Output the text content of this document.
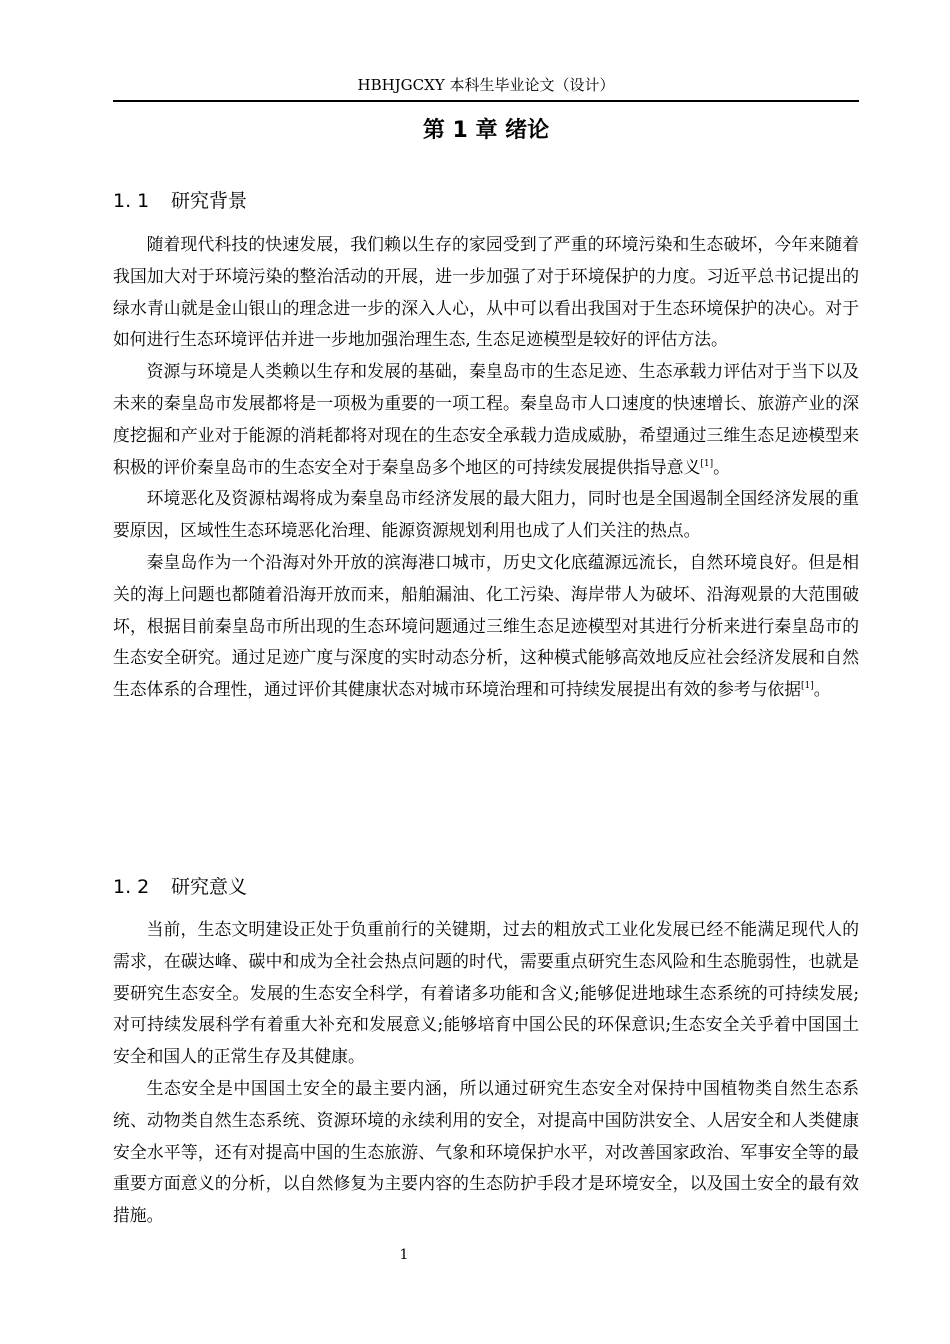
HBHJGCXY 本科生毕业论文（设计）
第 1 章 绪论
1. 1 研究背景

随着现代科技的快速发展，我们赖以生存的家园受到了严重的环境污染和生态破坏，今年来随着我国加大对于环境污染的整治活动的开展，进一步加强了对于环境保护的力度。习近平总书记提出的绿水青山就是金山银山的理念进一步的深入人心，从中可以看出我国对于生态环境保护的决心。对于如何进行生态环境评估并进一步地加强治理生态, 生态足迹模型是较好的评估方法。

资源与环境是人类赖以生存和发展的基础，秦皇岛市的生态足迹、生态承载力评估对于当下以及未来的秦皇岛市发展都将是一项极为重要的一项工程。秦皇岛市人口速度的快速增长、旅游产业的深度挖掘和产业对于能源的消耗都将对现在的生态安全承载力造成威胁，希望通过三维生态足迹模型来积极的评价秦皇岛市的生态安全对于秦皇岛多个地区的可持续发展提供指导意义[1]。

环境恶化及资源枯竭将成为秦皇岛市经济发展的最大阻力，同时也是全国遏制全国经济发展的重要原因，区域性生态环境恶化治理、能源资源规划利用也成了人们关注的热点。

秦皇岛作为一个沿海对外开放的滨海港口城市，历史文化底蕴源远流长，自然环境良好。但是相关的海上问题也都随着沿海开放而来，船舶漏油、化工污染、海岸带人为破坏、沿海观景的大范围破坏，根据目前秦皇岛市所出现的生态环境问题通过三维生态足迹模型对其进行分析来进行秦皇岛市的生态安全研究。通过足迹广度与深度的实时动态分析，这种模式能够高效地反应社会经济发展和自然生态体系的合理性，通过评价其健康状态对城市环境治理和可持续发展提出有效的参考与依据[1]。

1. 2 研究意义

当前，生态文明建设正处于负重前行的关键期，过去的粗放式工业化发展已经不能满足现代人的需求，在碳达峰、碳中和成为全社会热点问题的时代，需要重点研究生态风险和生态脆弱性，也就是要研究生态安全。发展的生态安全科学，有着诸多功能和含义;能够促进地球生态系统的可持续发展;对可持续发展科学有着重大补充和发展意义;能够培育中国公民的环保意识;生态安全关乎着中国国土安全和国人的正常生存及其健康。

生态安全是中国国土安全的最主要内涵，所以通过研究生态安全对保持中国植物类自然生态系统、动物类自然生态系统、资源环境的永续利用的安全，对提高中国防洪安全、人居安全和人类健康安全水平等，还有对提高中国的生态旅游、气象和环境保护水平，对改善国家政治、军事安全等的最重要方面意义的分析，以自然修复为主要内容的生态防护手段才是环境安全，以及国土安全的最有效措施。

1
